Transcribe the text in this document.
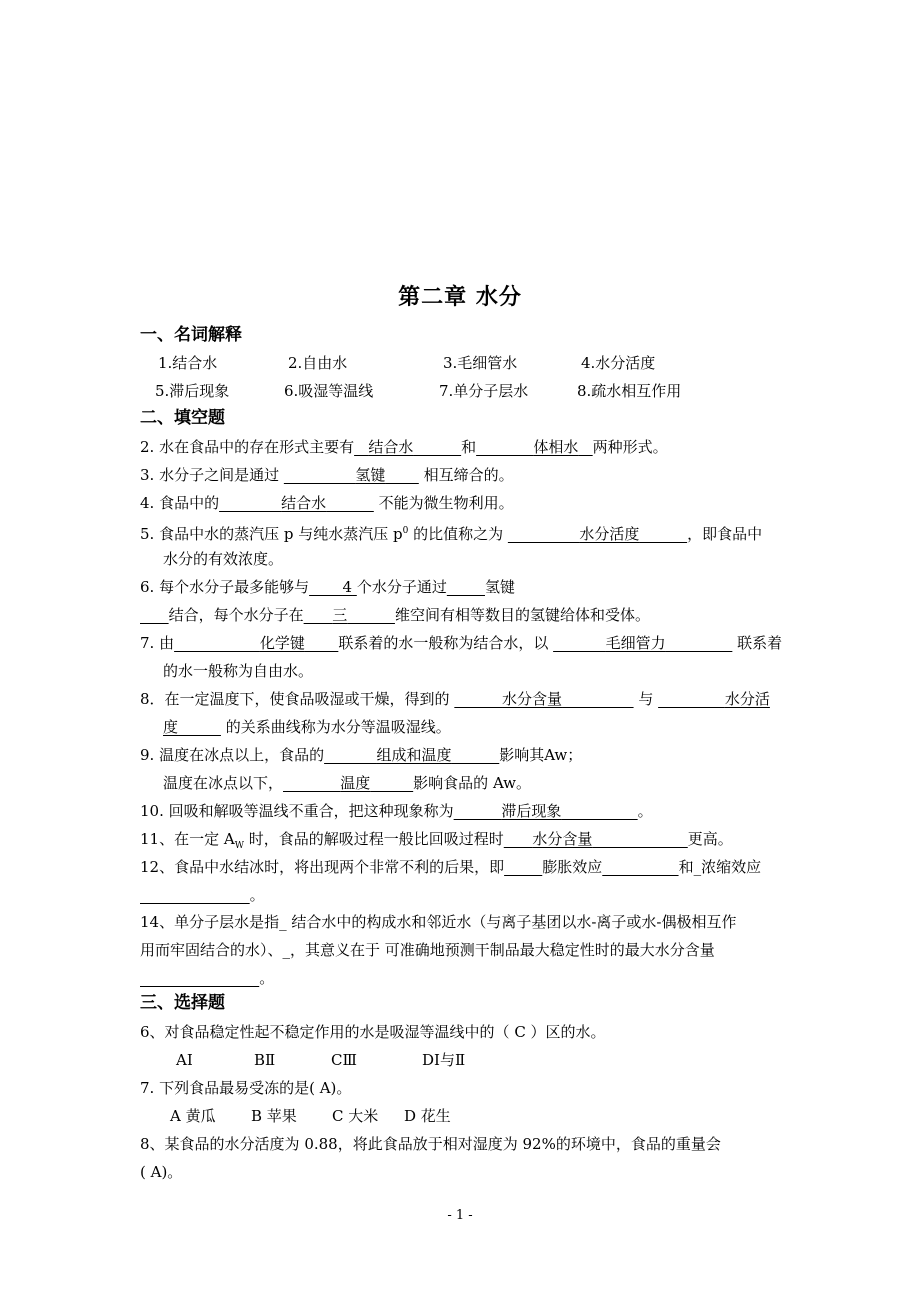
第二章 水分
一、名词解释
1.结合水	2.自由水	3.毛细管水	4.水分活度
5.滞后现象	6.吸湿等温线	7.单分子层水	8.疏水相互作用
二、填空题
2. 水在食品中的存在形式主要有 结合水	和	体相水 两种形式。
3. 水分子之间是通过	氢键        相互缔合的。
4. 食品中的	结合水	不能为微生物利用。
5. 食品中水的蒸汽压 p 与纯水蒸汽压 $p^0$ 的比值称之为	水分活度	，即食品中
水分的有效浓度。
6. 每个水分子最多能够与 4 个水分子通过	氢键
结合，每个水分子在 三	维空间有相等数目的氢键给体和受体。
7. 由	化学键 联系着的水一般称为结合水，以	毛细管力	联系着
的水一般称为自由水。
8．在一定温度下，使食品吸湿或干燥，得到的	水分含量	与	水分活
度	的关系曲线称为水分等温吸湿线。
9. 温度在冰点以上，食品的	组成和温度	影响其Aw；
温度在冰点以下，	温度	影响食品的 Aw。
10. 回吸和解吸等温线不重合，把这种现象称为	滞后现象	。
11、在一定 $A_W$ 时，食品的解吸过程一般比回吸过程时 水分含量	更高。
12、食品中水结冰时，将出现两个非常不利的后果，即	膨胀效应	和_浓缩效应
。
14、单分子层水是指_ 结合水中的构成水和邻近水（与离子基团以水-离子或水-偶极相互作
用而牢固结合的水）、_，其意义在于 可准确地预测干制品最大稳定性时的最大水分含量
。
三、选择题
6、对食品稳定性起不稳定作用的水是吸湿等温线中的（ C ）区的水。
AⅠ	BⅡ	CⅢ	DⅠ与Ⅱ
7. 下列食品最易受冻的是( A)。
A 黄瓜 B 苹果 C 大米 D 花生
8、某食品的水分活度为 0.88，将此食品放于相对湿度为 92%的环境中，食品的重量会
( A)。
- 1 -
